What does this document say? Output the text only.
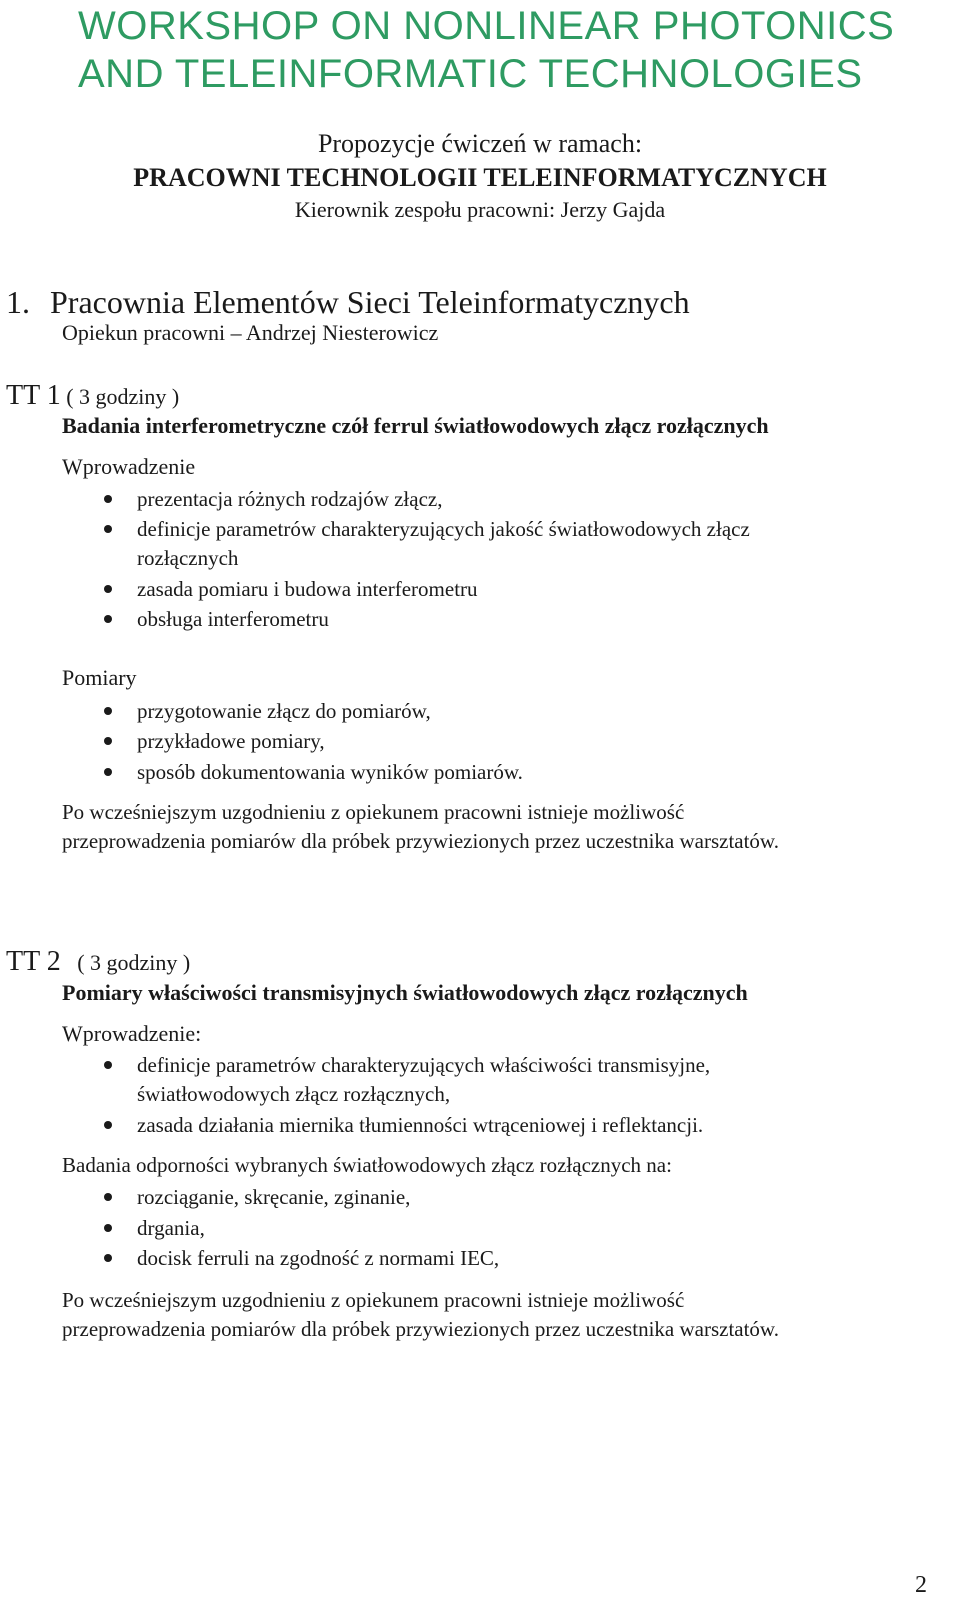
WORKSHOP ON NONLINEAR PHOTONICS
AND TELEINFORMATIC TECHNOLOGIES
Propozycje ćwiczeń w ramach:
PRACOWNI TECHNOLOGII TELEINFORMATYCZNYCH
Kierownik zespołu pracowni: Jerzy Gajda
1. Pracownia Elementów Sieci Teleinformatycznych
Opiekun pracowni – Andrzej Niesterowicz
TT 1 ( 3 godziny )
Badania interferometryczne czół ferrul światłowodowych złącz rozłącznych
Wprowadzenie
prezentacja różnych rodzajów złącz,
definicje parametrów charakteryzujących jakość światłowodowych złącz
rozłącznych
zasada pomiaru i budowa interferometru
obsługa interferometru
Pomiary
przygotowanie złącz do pomiarów,
przykładowe pomiary,
sposób dokumentowania wyników pomiarów.
Po wcześniejszym uzgodnieniu z opiekunem pracowni istnieje możliwość
przeprowadzenia pomiarów dla próbek przywiezionych przez uczestnika warsztatów.
TT 2 ( 3 godziny )
Pomiary właściwości transmisyjnych światłowodowych złącz rozłącznych
Wprowadzenie:
definicje parametrów charakteryzujących właściwości transmisyjne,
światłowodowych złącz rozłącznych,
zasada działania miernika tłumienności wtrąceniowej i reflektancji.
Badania odporności wybranych światłowodowych złącz rozłącznych na:
rozciąganie, skręcanie, zginanie,
drgania,
docisk ferruli na zgodność z normami IEC,
Po wcześniejszym uzgodnieniu z opiekunem pracowni istnieje możliwość
przeprowadzenia pomiarów dla próbek przywiezionych przez uczestnika warsztatów.
2
